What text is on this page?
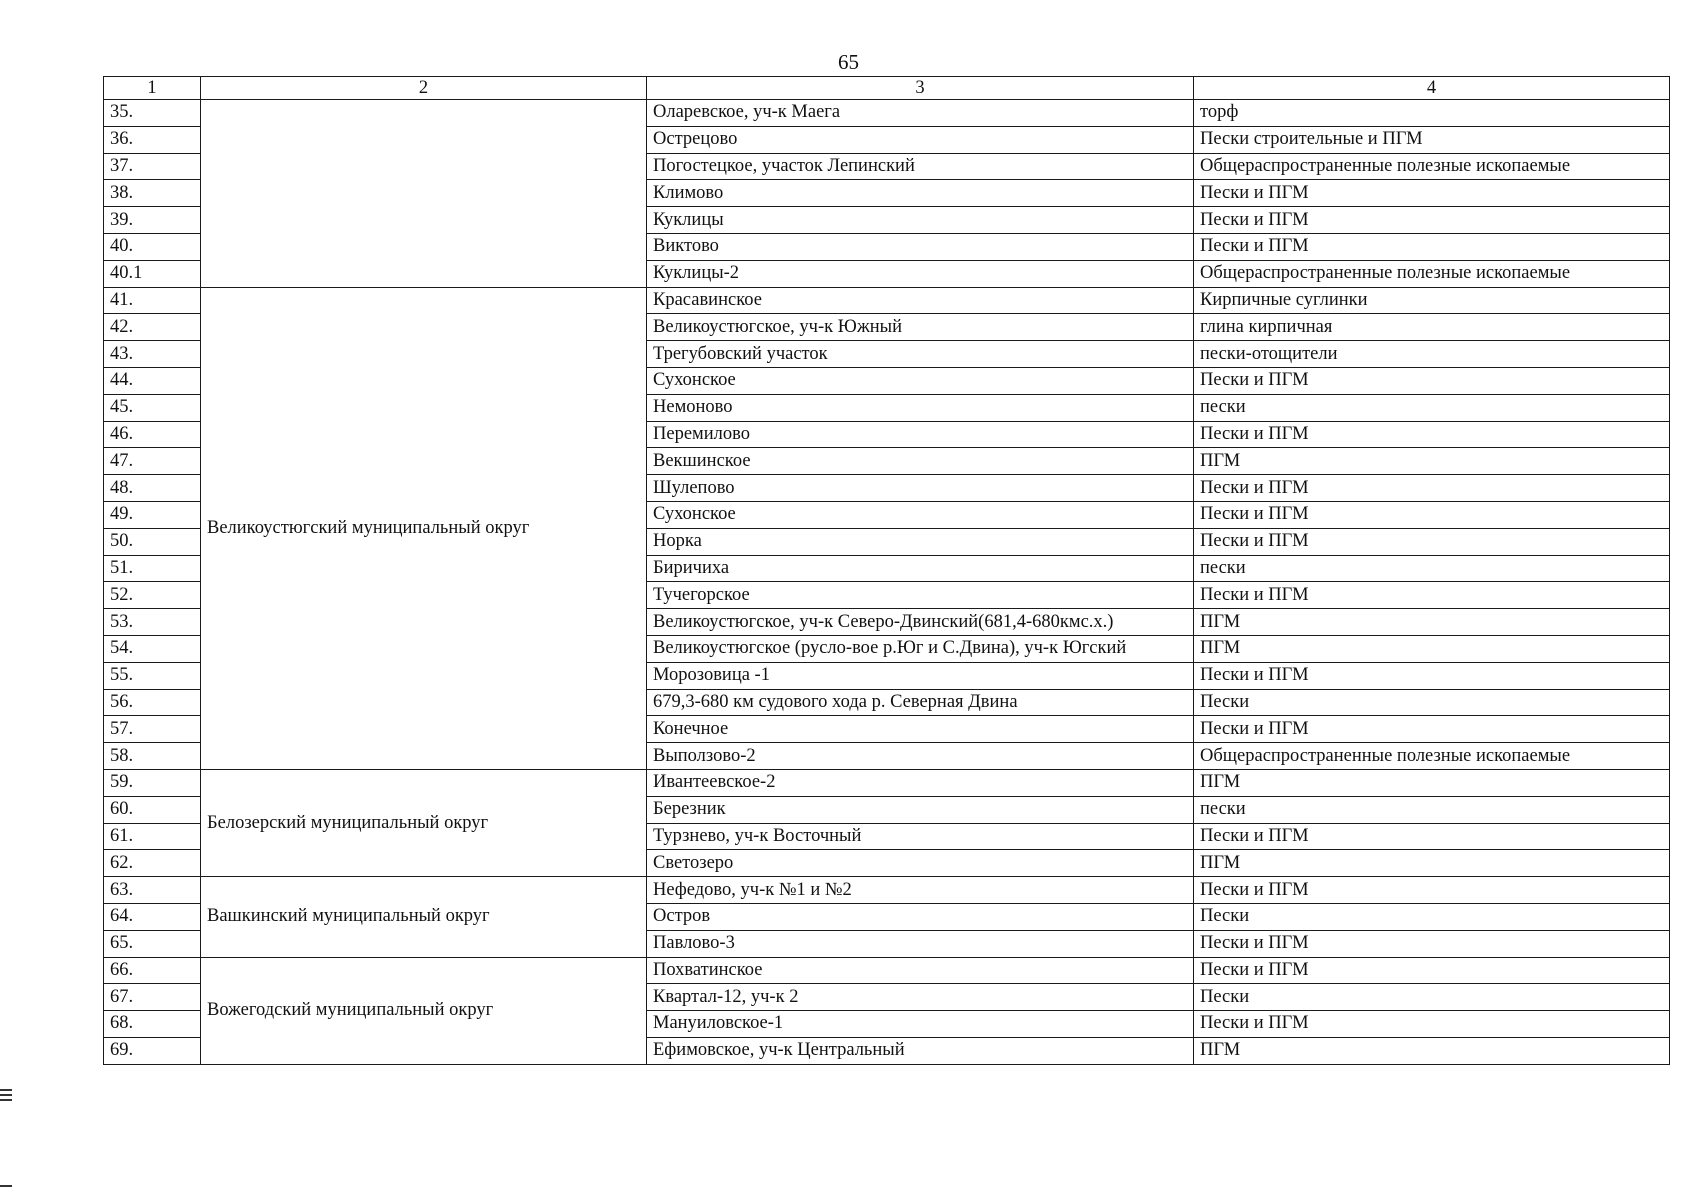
65
1	2	3	4
35.		Оларевское, уч-к Маега	торф
36.		Острецово	Пески строительные и ПГМ
37.		Погостецкое, участок Лепинский	Общераспространенные полезные ископаемые
38.		Климово	Пески и ПГМ
39.		Куклицы	Пески и ПГМ
40.		Виктово	Пески и ПГМ
40.1		Куклицы-2	Общераспространенные полезные ископаемые
41.	Великоустюгский муниципальный округ	Красавинское	Кирпичные суглинки
42.		Великоустюгское, уч-к Южный	глина кирпичная
43.		Трегубовский участок	пески-отощители
44.		Сухонское	Пески и ПГМ
45.		Немоново	пески
46.		Перемилово	Пески и ПГМ
47.		Векшинское	ПГМ
48.		Шулепово	Пески и ПГМ
49.		Сухонское	Пески и ПГМ
50.		Норка	Пески и ПГМ
51.		Биричиха	пески
52.		Тучегорское	Пески и ПГМ
53.		Великоустюгское, уч-к Северо-Двинский(681,4-680кмс.х.)	ПГМ
54.		Великоустюгское (русло-вое р.Юг и С.Двина), уч-к Югский	ПГМ
55.		Морозовица -1	Пески и ПГМ
56.		679,3-680 км судового хода р. Северная Двина	Пески
57.		Конечное	Пески и ПГМ
58.		Выползово-2	Общераспространенные полезные ископаемые
59.	Белозерский муниципальный округ	Ивантеевское-2	ПГМ
60.		Березник	пески
61.		Турзнево, уч-к Восточный	Пески и ПГМ
62.		Светозеро	ПГМ
63.	Вашкинский муниципальный округ	Нефедово, уч-к №1 и №2	Пески и ПГМ
64.		Остров	Пески
65.		Павлово-3	Пески и ПГМ
66.	Вожегодский муниципальный округ	Похватинское	Пески и ПГМ
67.		Квартал-12, уч-к 2	Пески
68.		Мануиловское-1	Пески и ПГМ
69.		Ефимовское, уч-к Центральный	ПГМ
